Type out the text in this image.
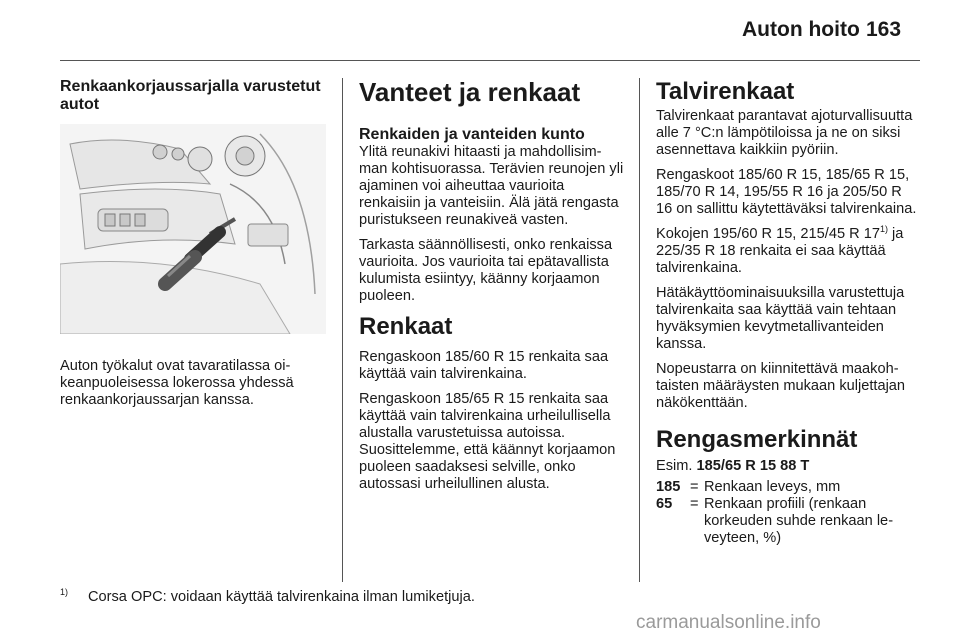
Auton hoito 163
Renkaankorjaussarjalla varustetut autot

Auton työkalut ovat tavaratilassa oikeanpuoleisessa lokerossa yhdessä renkaankorjaussarjan kanssa.

Vanteet ja renkaat
Renkaiden ja vanteiden kunto

Ylitä reunakivi hitaasti ja mahdollisimman kohtisuorassa. Terävien reunojen yli ajaminen voi aiheuttaa vaurioita renkaisiin ja vanteisiin. Älä jätä rengasta puristukseen reunakiveä vasten.

Tarkasta säännöllisesti, onko renkaissa vaurioita. Jos vaurioita tai epätavallista kulumista esiintyy, käänny korjaamon puoleen.

Renkaat

Rengaskoon 185/60 R 15 renkaita saa käyttää vain talvirenkaina.

Rengaskoon 185/65 R 15 renkaita saa käyttää vain talvirenkaina urheilullisella alustalla varustetuissa autoissa. Suosittelemme, että käännyt korjaamon puoleen saadaksesi selville, onko autossasi urheilullinen alusta.

Talvirenkaat

Talvirenkaat parantavat ajoturvallisuutta alle 7 °C:n lämpötiloissa ja ne on siksi asennettava kaikkiin pyöriin.

Rengaskoot 185/60 R 15, 185/65 R 15, 185/70 R 14, 195/55 R 16 ja 205/50 R 16 on sallittu käytettäväksi talvirenkaina.

Kokojen 195/60 R 15, 215/45 R 17$^{1)}$ ja 225/35 R 18 renkaita ei saa käyttää talvirenkaina.

Hätäkäyttöominaisuuksilla varustettuja talvirenkaita saa käyttää vain tehtaan hyväksymien kevytmetallivanteiden kanssa.

Nopeustarra on kiinnitettävä maakohtaisten määräysten mukaan kuljettajan näkökenttään.

Rengasmerkinnät

Esim. 185/65 R 15 88 T

185 = Renkaan leveys, mm
65	= Renkaan profiili (renkaan korkeuden suhde renkaan leveyteen, %)
$^{1)}$ Corsa OPC: voidaan käyttää talvirenkaina ilman lumiketjuja.
carmanualsonline.info
